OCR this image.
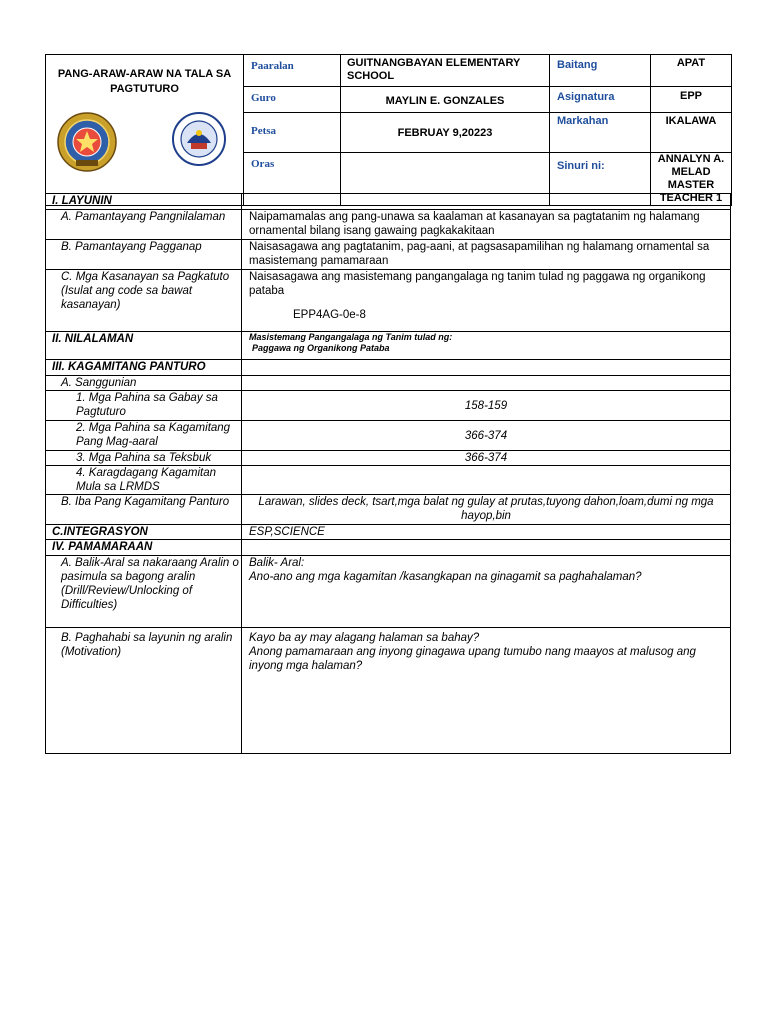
PANG-ARAW-ARAW NA TALA SA PAGTUTURO	Paaralan	GUITNANGBAYAN ELEMENTARY SCHOOL	Baitang	APAT
	Guro	MAYLIN E. GONZALES	Asignatura	EPP
	Petsa	FEBRUAY 9,20223	Markahan	IKALAWA
	Oras		Sinuri ni:	ANNALYN A. MELAD
MASTER TEACHER 1
I. LAYUNIN	
A. Pamantayang Pangnilalaman	Naipamamalas ang pang-unawa sa kaalaman at kasanayan sa pagtatanim ng halamang ornamental bilang isang gawaing pagkakakitaan
B. Pamantayang Pagganap	Naisasagawa ang pagtatanim, pag-aani, at pagsasapamilihan ng halamang ornamental sa masistemang pamamaraan
C. Mga Kasanayan sa Pagkatuto (Isulat ang code sa bawat kasanayan)	Naisasagawa ang masistemang pangangalaga ng tanim tulad ng paggawa ng organikong pataba
EPP4AG-0e-8

II. NILALAMAN	Masistemang Pangangalaga ng Tanim tulad ng:
Paggawa ng Organikong Pataba

III. KAGAMITANG PANTURO	
A. Sanggunian	
1. Mga Pahina sa Gabay sa Pagtuturo	158-159
2. Mga Pahina sa Kagamitang Pang Mag-aaral	366-374
3. Mga Pahina sa Teksbuk	366-374
4. Karagdagang Kagamitan Mula sa LRMDS	
B. Iba Pang Kagamitang Panturo	Larawan, slides deck, tsart,mga balat ng gulay at prutas,tuyong dahon,loam,dumi ng mga hayop,bin
C.INTEGRASYON	ESP,SCIENCE
IV. PAMAMARAAN	
A. Balik-Aral sa nakaraang Aralin o pasimula sa bagong aralin (Drill/Review/Unlocking of Difficulties)	Balik- Aral:
Ano-ano ang mga kagamitan /kasangkapan na ginagamit sa paghahalaman?

B. Paghahabi sa layunin ng aralin (Motivation)	Kayo ba ay may alagang halaman sa bahay?
Anong pamamaraan ang inyong ginagawa upang tumubo nang maayos at malusog ang inyong mga halaman?
